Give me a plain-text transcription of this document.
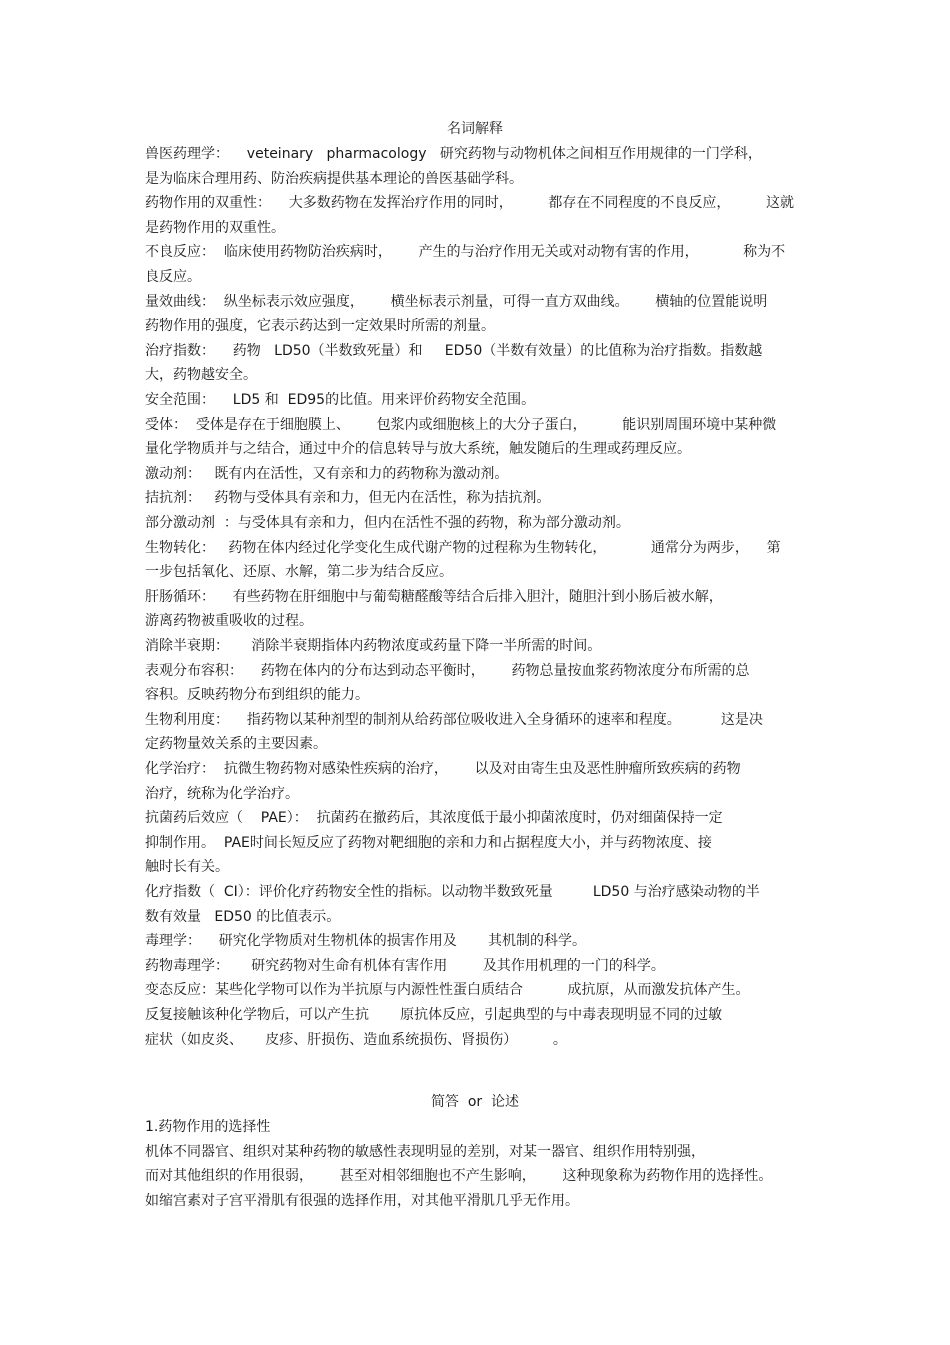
名词解释
兽医药理学：    veteinary   pharmacology   研究药物与动物机体之间相互作用规律的一门学科，
是为临床合理用药、防治疾病提供基本理论的兽医基础学科。
药物作用的双重性：    大多数药物在发挥治疗作用的同时，        都存在不同程度的不良反应，        这就
是药物作用的双重性。
不良反应：  临床使用药物防治疾病时，      产生的与治疗作用无关或对动物有害的作用，          称为不
良反应。
量效曲线：  纵坐标表示效应强度，      横坐标表示剂量，可得一直方双曲线。      横轴的位置能说明
药物作用的强度，它表示药达到一定效果时所需的剂量。
治疗指数：    药物   LD50（半数致死量）和     ED50（半数有效量）的比值称为治疗指数。指数越
大，药物越安全。
安全范围：    LD5 和  ED95的比值。用来评价药物安全范围。
受体：  受体是存在于细胞膜上、      包浆内或细胞核上的大分子蛋白，        能识别周围环境中某种微
量化学物质并与之结合，通过中介的信息转导与放大系统，触发随后的生理或药理反应。
激动剂：   既有内在活性，又有亲和力的药物称为激动剂。
拮抗剂：   药物与受体具有亲和力，但无内在活性，称为拮抗剂。
部分激动剂  ：与受体具有亲和力，但内在活性不强的药物，称为部分激动剂。
生物转化：   药物在体内经过化学变化生成代谢产物的过程称为生物转化，          通常分为两步，    第
一步包括氧化、还原、水解，第二步为结合反应。
肝肠循环：    有些药物在肝细胞中与葡萄糖醛酸等结合后排入胆汁，随胆汁到小肠后被水解，
游离药物被重吸收的过程。
消除半衰期：     消除半衰期指体内药物浓度或药量下降一半所需的时间。
表观分布容积：    药物在体内的分布达到动态平衡时，      药物总量按血浆药物浓度分布所需的总
容积。反映药物分布到组织的能力。
生物利用度：    指药物以某种剂型的制剂从给药部位吸收进入全身循环的速率和程度。         这是决
定药物量效关系的主要因素。
化学治疗：  抗微生物药物对感染性疾病的治疗，      以及对由寄生虫及恶性肿瘤所致疾病的药物
治疗，统称为化学治疗。
抗菌药后效应（    PAE）：  抗菌药在撤药后，其浓度低于最小抑菌浓度时，仍对细菌保持一定
抑制作用。  PAE时间长短反应了药物对靶细胞的亲和力和占据程度大小，并与药物浓度、接
触时长有关。
化疗指数（  CI）：评价化疗药物安全性的指标。以动物半数致死量         LD50 与治疗感染动物的半
数有效量   ED50 的比值表示。
毒理学：    研究化学物质对生物机体的损害作用及       其机制的科学。
药物毒理学：     研究药物对生命有机体有害作用        及其作用机理的一门的科学。
变态反应：某些化学物可以作为半抗原与内源性性蛋白质结合          成抗原，从而激发抗体产生。
反复接触该种化学物后，可以产生抗       原抗体反应，引起典型的与中毒表现明显不同的过敏
症状（如皮炎、     皮疹、肝损伤、造血系统损伤、肾损伤）        。
简答  or  论述
1.药物作用的选择性
机体不同器官、组织对某种药物的敏感性表现明显的差别，对某一器官、组织作用特别强，
而对其他组织的作用很弱，      甚至对相邻细胞也不产生影响，      这种现象称为药物作用的选择性。
如缩宫素对子宫平滑肌有很强的选择作用，对其他平滑肌几乎无作用。
